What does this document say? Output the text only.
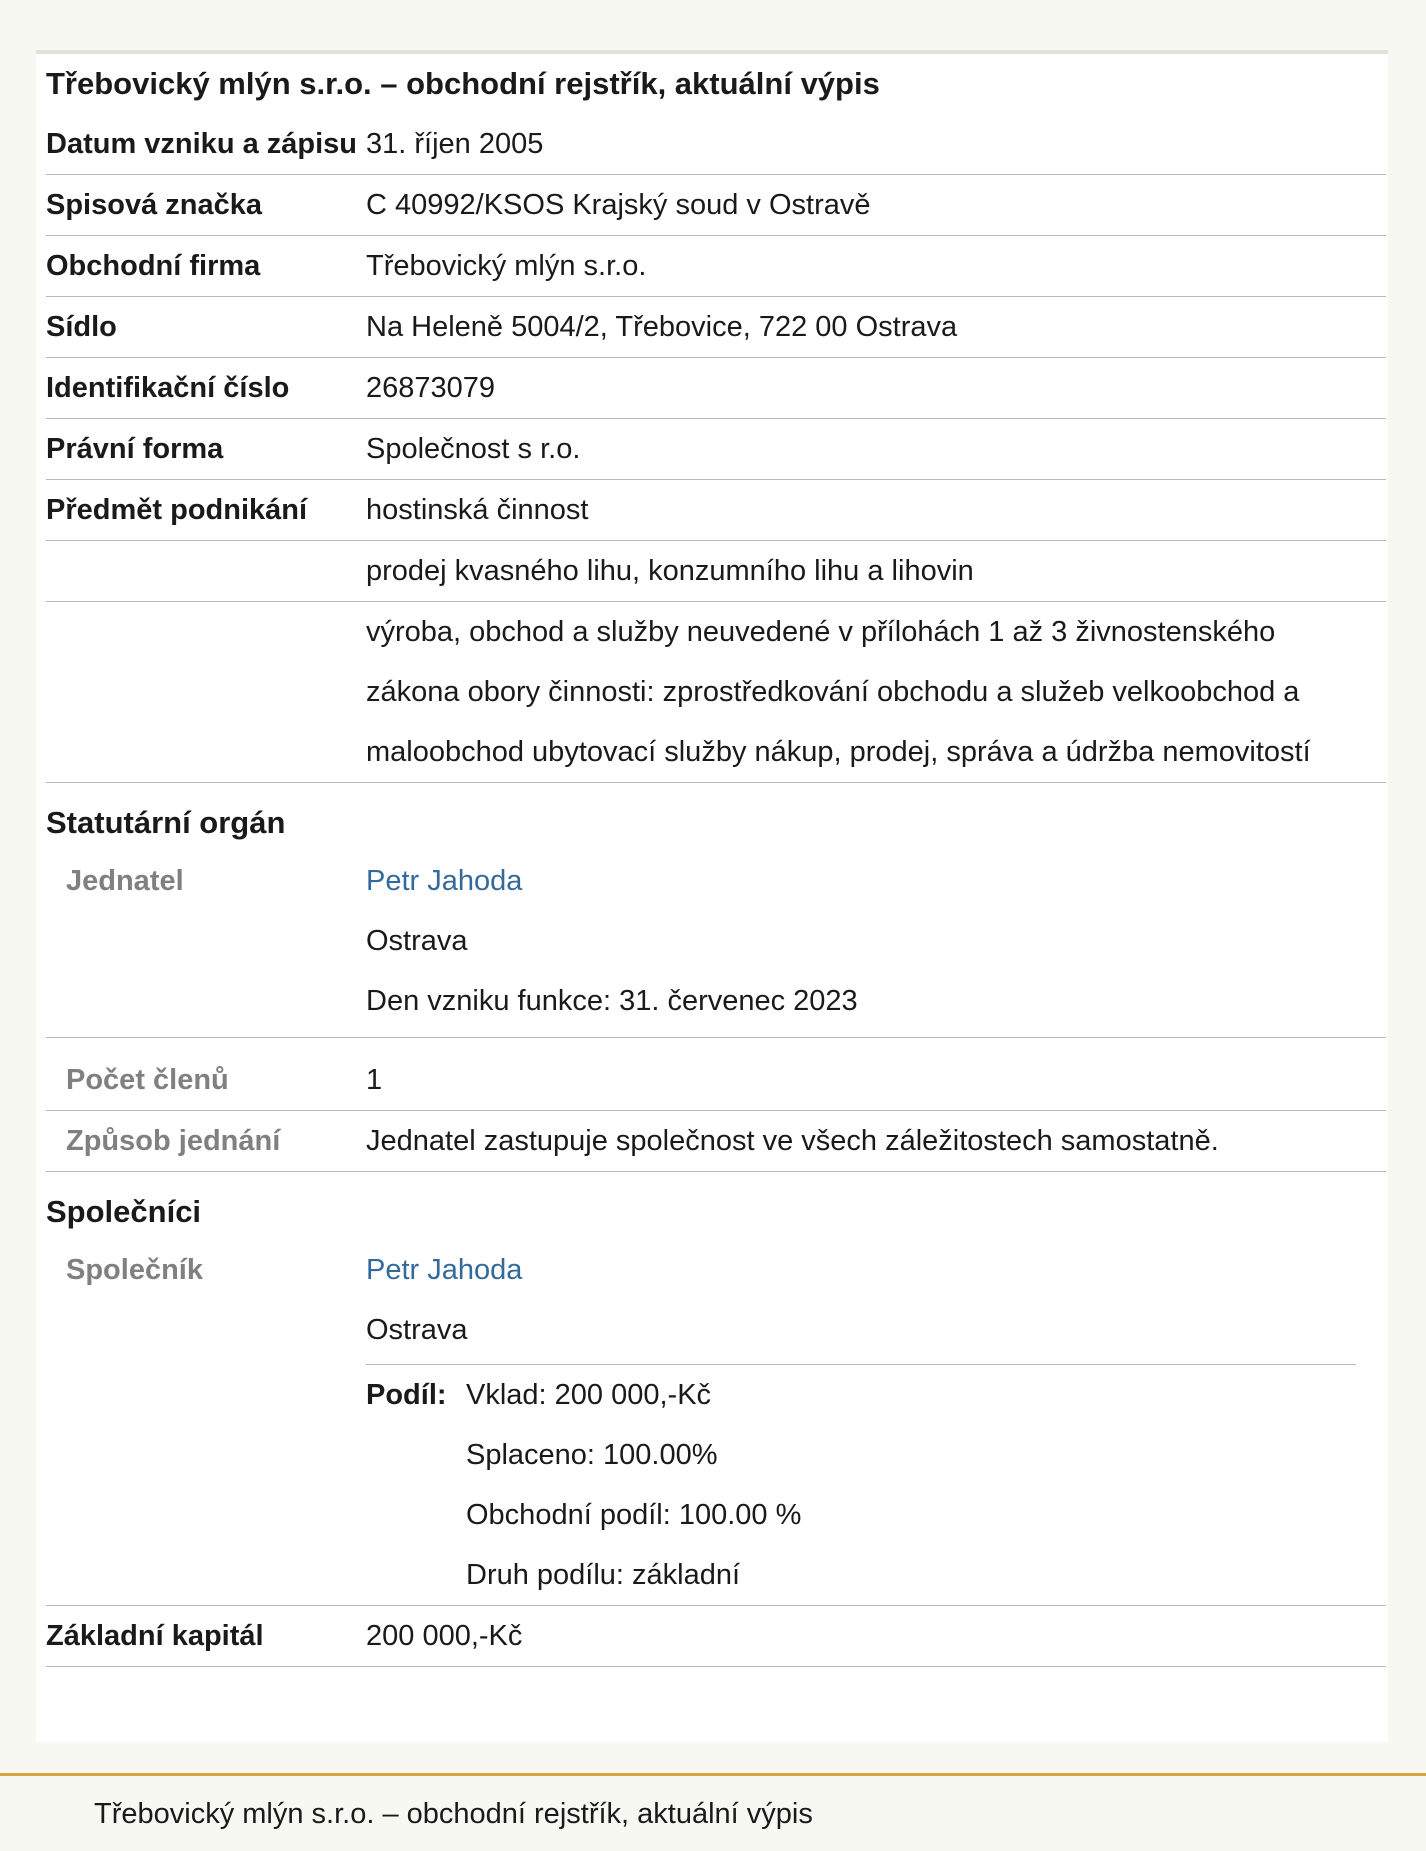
Třebovický mlýn s.r.o. – obchodní rejstřík, aktuální výpis
Datum vzniku a zápisu 31. říjen 2005
Spisová značka	C 40992/KSOS Krajský soud v Ostravě
Obchodní firma	Třebovický mlýn s.r.o.
Sídlo	Na Heleně 5004/2, Třebovice, 722 00 Ostrava
Identifikační číslo	26873079
Právní forma	Společnost s r.o.
Předmět podnikání	hostinská činnost
prodej kvasného lihu, konzumního lihu a lihovin
výroba, obchod a služby neuvedené v přílohách 1 až 3 živnostenského
zákona obory činnosti: zprostředkování obchodu a služeb velkoobchod a
maloobchod ubytovací služby nákup, prodej, správa a údržba nemovitostí
Statutární orgán
Jednatel	Petr Jahoda
Ostrava
Den vzniku funkce: 31. červenec 2023
Počet členů	1
Způsob jednání	Jednatel zastupuje společnost ve všech záležitostech samostatně.
Společníci
Společník	Petr Jahoda
Ostrava
Podíl: Vklad: 200 000,-Kč
Splaceno: 100.00%
Obchodní podíl: 100.00 %
Druh podílu: základní
Základní kapitál	200 000,-Kč
Třebovický mlýn s.r.o. – obchodní rejstřík, aktuální výpis
